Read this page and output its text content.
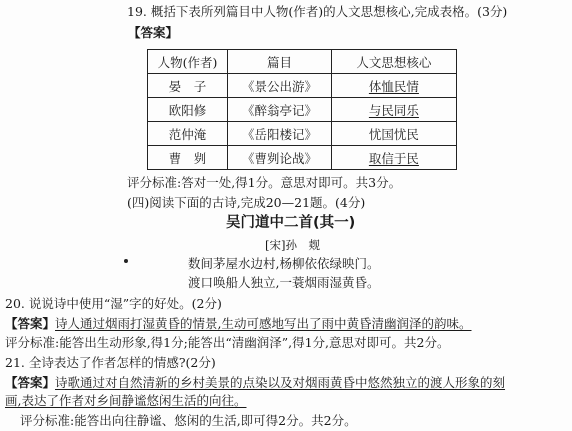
19. 概括下表所列篇目中人物(作者)的人文思想核心,完成表格。(3分)
【答案】
人物(作者)	篇目	人文思想核心
晏　子	《景公出游》	体恤民情
欧阳修	《醉翁亭记》	与民同乐
范仲淹	《岳阳楼记》	忧国忧民
曹　刿	《曹刿论战》	取信于民
评分标准:答对一处,得1分。意思对即可。共3分。
(四)阅读下面的古诗,完成20—21题。(4分)
吴门道中二首(其一)
[宋]孙　觌
数间茅屋水边村,杨柳依依绿映门。
渡口唤船人独立,一蓑烟雨湿黄昏。
20. 说说诗中使用“湿”字的好处。(2分)
【答案】诗人通过烟雨打湿黄昏的情景,生动可感地写出了雨中黄昏清幽润泽的韵味。
评分标准:能答出生动形象,得1分;能答出“清幽润泽”,得1分,意思对即可。共2分。
21. 全诗表达了作者怎样的情感?(2分)
【答案】诗歌通过对自然清新的乡村美景的点染以及对烟雨黄昏中悠然独立的渡人形象的刻
画,表达了作者对乡间静谧悠闲生活的向往。
评分标准:能答出向往静谧、悠闲的生活,即可得2分。共2分。
